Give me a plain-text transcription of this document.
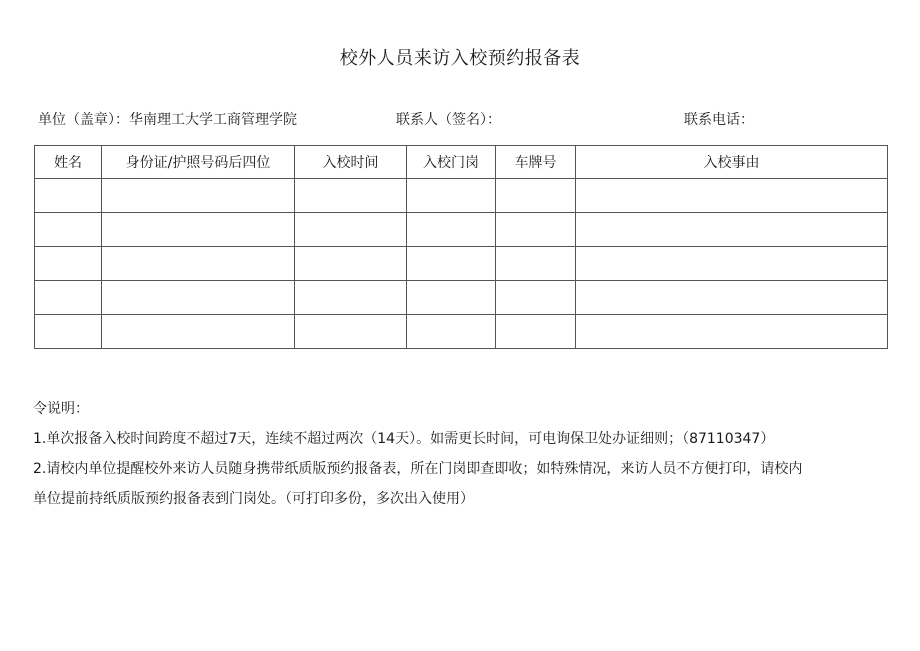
校外人员来访入校预约报备表
单位（盖章）：华南理工大学工商管理学院	联系人（签名）：	联系电话：
姓名	身份证/护照号码后四位	入校时间	入校门岗	车牌号	入校事由

令说明：
1.单次报备入校时间跨度不超过7天，连续不超过两次（14天）。如需更长时间，可电询保卫处办证细则；（87110347）
2.请校内单位提醒校外来访人员随身携带纸质版预约报备表，所在门岗即查即收；如特殊情况，来访人员不方便打印，请校内
单位提前持纸质版预约报备表到门岗处。（可打印多份，多次出入使用）
